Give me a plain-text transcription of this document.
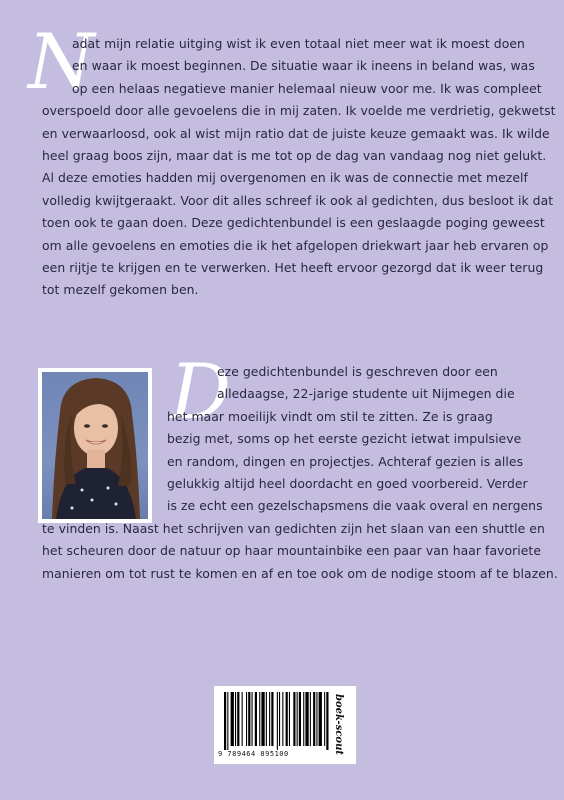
N
adat mijn relatie uitging wist ik even totaal niet meer wat ik moest doen
en waar ik moest beginnen. De situatie waar ik ineens in beland was, was
op een helaas negatieve manier helemaal nieuw voor me. Ik was compleet
overspoeld door alle gevoelens die in mij zaten. Ik voelde me verdrietig, gekwetst
en verwaarloosd, ook al wist mijn ratio dat de juiste keuze gemaakt was. Ik wilde
heel graag boos zijn, maar dat is me tot op de dag van vandaag nog niet gelukt.
Al deze emoties hadden mij overgenomen en ik was de connectie met mezelf
volledig kwijtgeraakt. Voor dit alles schreef ik ook al gedichten, dus besloot ik dat
toen ook te gaan doen. Deze gedichtenbundel is een geslaagde poging geweest
om alle gevoelens en emoties die ik het afgelopen driekwart jaar heb ervaren op
een rijtje te krijgen en te verwerken. Het heeft ervoor gezorgd dat ik weer terug
tot mezelf gekomen ben.
D
eze gedichtenbundel is geschreven door een
alledaagse, 22-jarige studente uit Nijmegen die
het maar moeilijk vindt om stil te zitten. Ze is graag
bezig met, soms op het eerste gezicht ietwat impulsieve
en random, dingen en projectjes. Achteraf gezien is alles
gelukkig altijd heel doordacht en goed voorbereid. Verder
is ze echt een gezelschapsmens die vaak overal en nergens
te vinden is. Naast het schrijven van gedichten zijn het slaan van een shuttle en
het scheuren door de natuur op haar mountainbike een paar van haar favoriete
manieren om tot rust te komen en af en toe ook om de nodige stoom af te blazen.
9 789464 895100	boek-scout
